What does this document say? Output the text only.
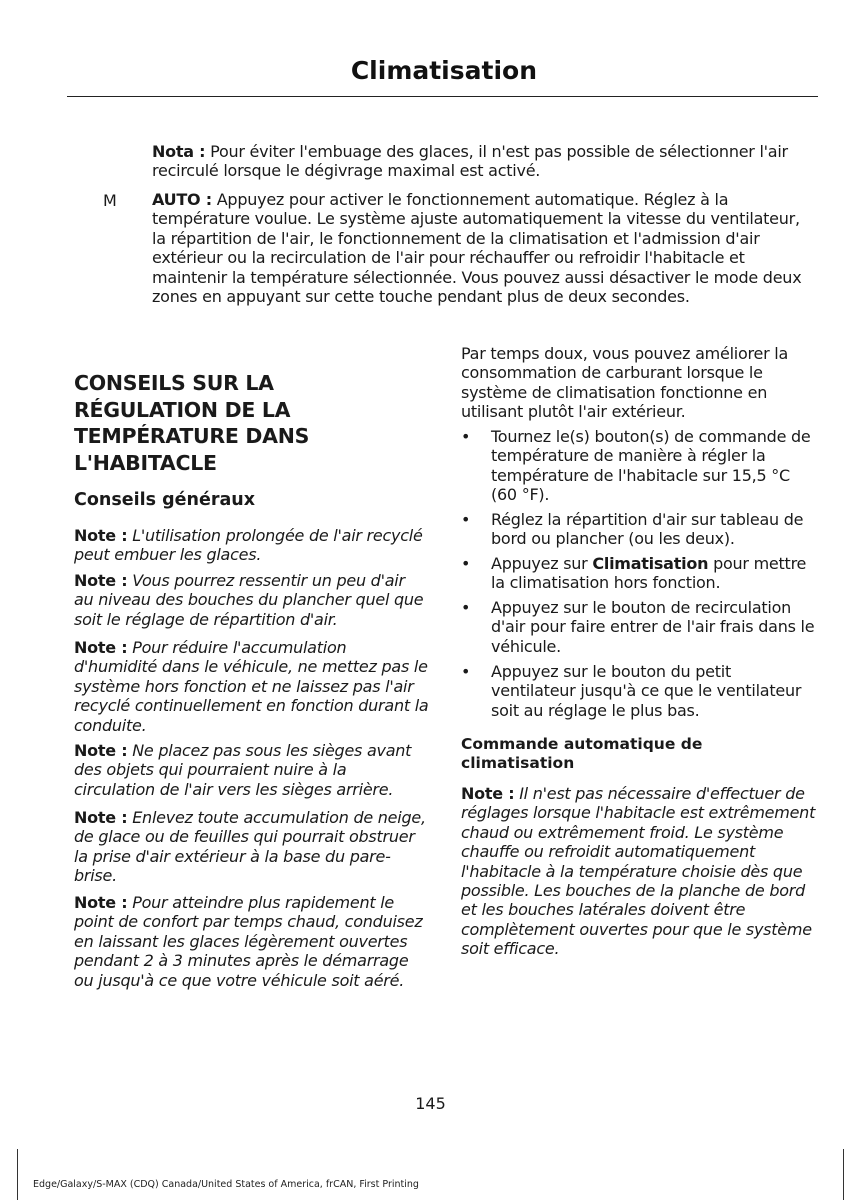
Climatisation

Nota : Pour éviter l'embuage des glaces, il n'est pas possible de sélectionner l'air recirculé lorsque le dégivrage maximal est activé.

M AUTO : Appuyez pour activer le fonctionnement automatique. Réglez à la température voulue. Le système ajuste automatiquement la vitesse du ventilateur, la répartition de l'air, le fonctionnement de la climatisation et l'admission d'air extérieur ou la recirculation de l'air pour réchauffer ou refroidir l'habitacle et maintenir la température sélectionnée. Vous pouvez aussi désactiver le mode deux zones en appuyant sur cette touche pendant plus de deux secondes.

CONSEILS SUR LA RÉGULATION DE LA TEMPÉRATURE DANS L'HABITACLE
Conseils généraux

Note : L'utilisation prolongée de l'air recyclé peut embuer les glaces.

Note : Vous pourrez ressentir un peu d'air au niveau des bouches du plancher quel que soit le réglage de répartition d'air.

Note : Pour réduire l'accumulation d'humidité dans le véhicule, ne mettez pas le système hors fonction et ne laissez pas l'air recyclé continuellement en fonction durant la conduite.

Note : Ne placez pas sous les sièges avant des objets qui pourraient nuire à la circulation de l'air vers les sièges arrière.

Note : Enlevez toute accumulation de neige, de glace ou de feuilles qui pourrait obstruer la prise d'air extérieur à la base du pare-brise.

Note : Pour atteindre plus rapidement le point de confort par temps chaud, conduisez en laissant les glaces légèrement ouvertes pendant 2 à 3 minutes après le démarrage ou jusqu'à ce que votre véhicule soit aéré.

Par temps doux, vous pouvez améliorer la consommation de carburant lorsque le système de climatisation fonctionne en utilisant plutôt l'air extérieur.

• Tournez le(s) bouton(s) de commande de température de manière à régler la température de l'habitacle sur 15,5 °C (60 °F).
• Réglez la répartition d'air sur tableau de bord ou plancher (ou les deux).
• Appuyez sur Climatisation pour mettre la climatisation hors fonction.
• Appuyez sur le bouton de recirculation d'air pour faire entrer de l'air frais dans le véhicule.
• Appuyez sur le bouton du petit ventilateur jusqu'à ce que le ventilateur soit au réglage le plus bas.
Commande automatique de climatisation

Note : Il n'est pas nécessaire d'effectuer de réglages lorsque l'habitacle est extrêmement chaud ou extrêmement froid. Le système chauffe ou refroidit automatiquement l'habitacle à la température choisie dès que possible. Les bouches de la planche de bord et les bouches latérales doivent être complètement ouvertes pour que le système soit efficace.

145
Edge/Galaxy/S-MAX (CDQ) Canada/United States of America, frCAN, First Printing
